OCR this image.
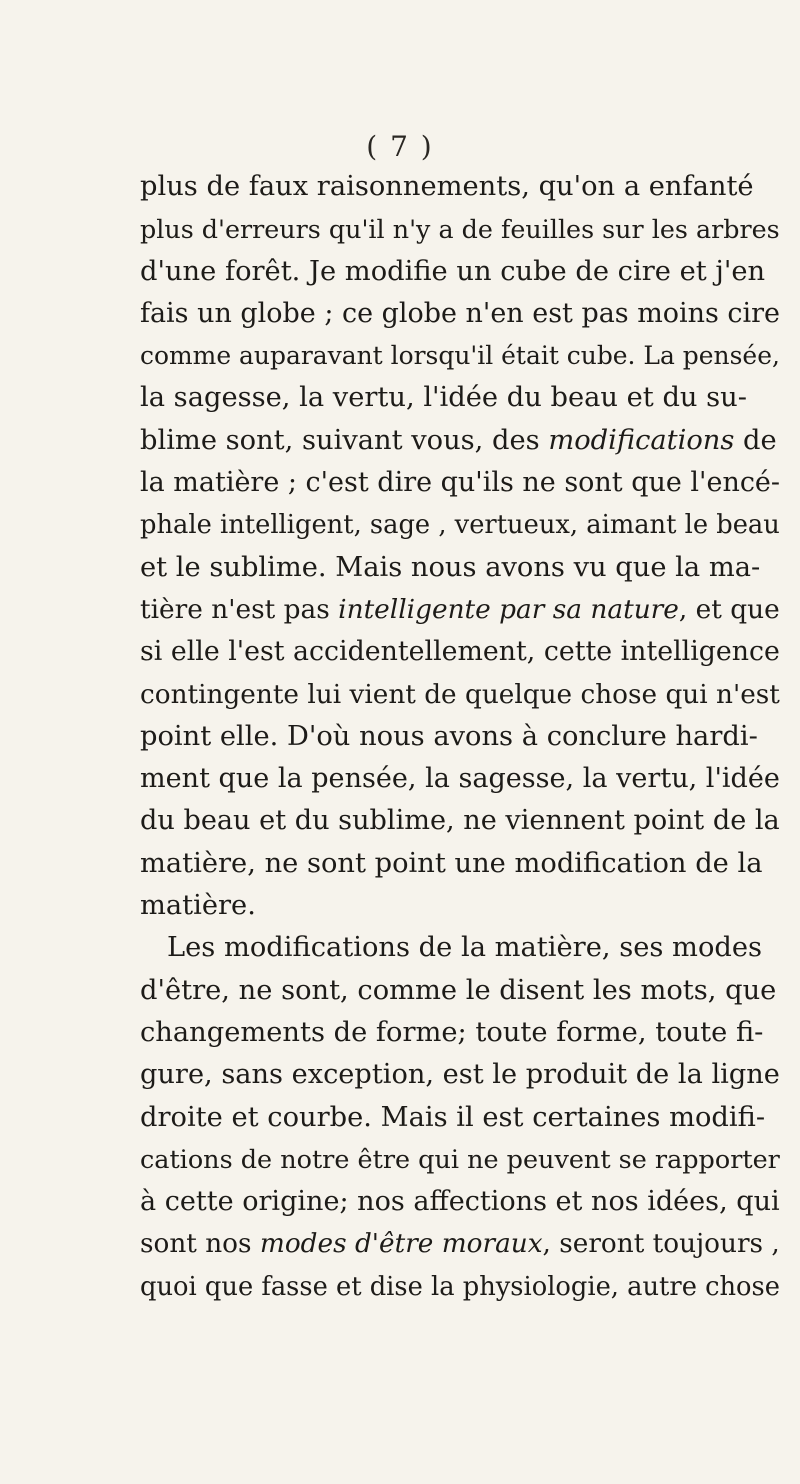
( 7 )
plus de faux raisonnements, qu'on a enfanté
plus d'erreurs qu'il n'y a de feuilles sur les arbres
d'une forêt. Je modifie un cube de cire et j'en
fais un globe ; ce globe n'en est pas moins cire
comme auparavant lorsqu'il était cube. La pensée,
la sagesse, la vertu, l'idée du beau et du su-
blime sont, suivant vous, des modifications de
la matière ; c'est dire qu'ils ne sont que l'encé-
phale intelligent, sage , vertueux, aimant le beau
et le sublime. Mais nous avons vu que la ma-
tière n'est pas intelligente par sa nature , et que
si elle l'est accidentellement, cette intelligence
contingente lui vient de quelque chose qui n'est
point elle. D'où nous avons à conclure hardi-
ment que la pensée, la sagesse, la vertu, l'idée
du beau et du sublime, ne viennent point de la
matière, ne sont point une modification de la
matière.
Les modifications de la matière, ses modes
d'être, ne sont, comme le disent les mots, que
changements de forme; toute forme, toute fi-
gure, sans exception, est le produit de la ligne
droite et courbe. Mais il est certaines modifi-
cations de notre être qui ne peuvent se rapporter
à cette origine; nos affections et nos idées, qui
sont nos modes d'être moraux , seront toujours ,
quoi que fasse et dise la physiologie, autre chose
